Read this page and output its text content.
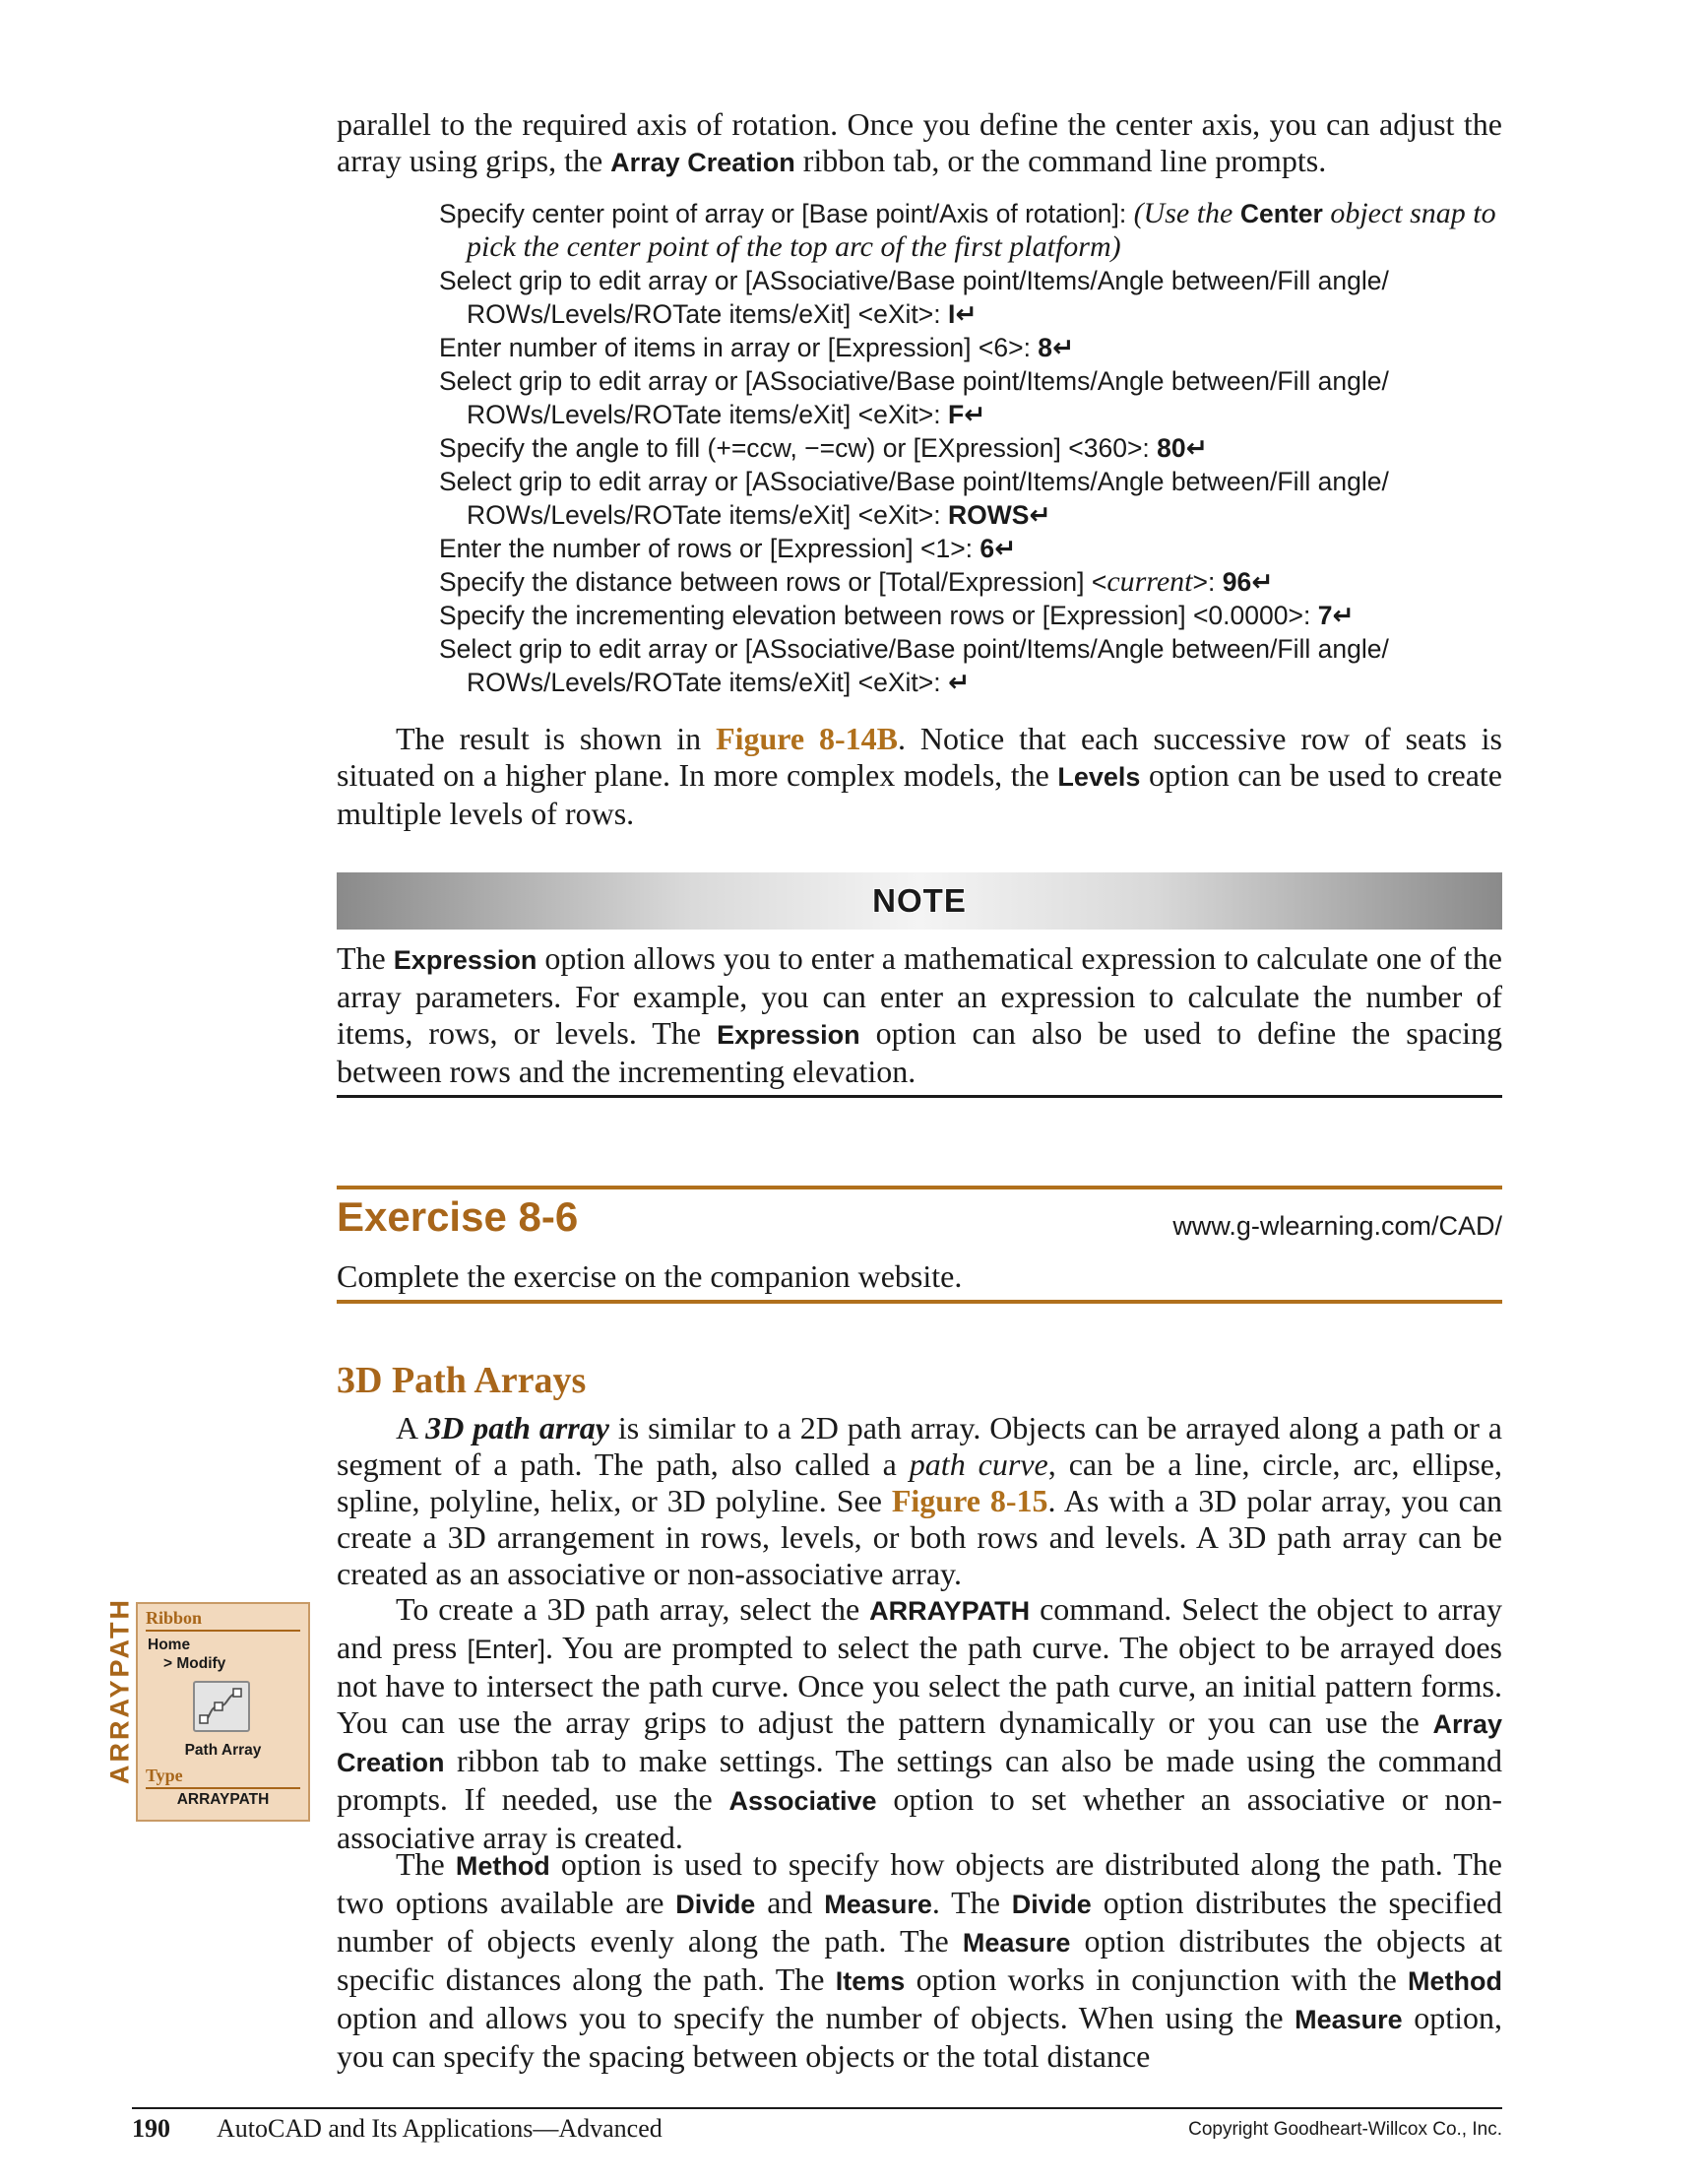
parallel to the required axis of rotation. Once you define the center axis, you can adjust the array using grips, the Array Creation ribbon tab, or the command line prompts.

Specify center point of array or [Base point/Axis of rotation]: (Use the Center object snap to pick the center point of the top arc of the first platform)
Select grip to edit array or [ASsociative/Base point/Items/Angle between/Fill angle/ ROWs/Levels/ROTate items/eXit] <eXit>: I↵
Enter number of items in array or [Expression] <6>: 8↵
Select grip to edit array or [ASsociative/Base point/Items/Angle between/Fill angle/ ROWs/Levels/ROTate items/eXit] <eXit>: F↵
Specify the angle to fill (+=ccw, −=cw) or [EXpression] <360>: 80↵
Select grip to edit array or [ASsociative/Base point/Items/Angle between/Fill angle/ ROWs/Levels/ROTate items/eXit] <eXit>: ROWS↵
Enter the number of rows or [Expression] <1>: 6↵
Specify the distance between rows or [Total/Expression] <current>: 96↵
Specify the incrementing elevation between rows or [Expression] <0.0000>: 7↵
Select grip to edit array or [ASsociative/Base point/Items/Angle between/Fill angle/ ROWs/Levels/ROTate items/eXit] <eXit>: ↵

The result is shown in Figure 8-14B. Notice that each successive row of seats is situated on a higher plane. In more complex models, the Levels option can be used to create multiple levels of rows.

NOTE

The Expression option allows you to enter a mathematical expression to calculate one of the array parameters. For example, you can enter an expression to calculate the number of items, rows, or levels. The Expression option can also be used to define the spacing between rows and the incrementing elevation.

Exercise 8-6	www.g-wlearning.com/CAD/
Complete the exercise on the companion website.
3D Path Arrays

A 3D path array is similar to a 2D path array. Objects can be arrayed along a path or a segment of a path. The path, also called a path curve, can be a line, circle, arc, ellipse, spline, polyline, helix, or 3D polyline. See Figure 8-15. As with a 3D polar array, you can create a 3D arrangement in rows, levels, or both rows and levels. A 3D path array can be created as an associative or non-associative array.

To create a 3D path array, select the ARRAYPATH command. Select the object to array and press [Enter]. You are prompted to select the path curve. The object to be arrayed does not have to intersect the path curve. Once you select the path curve, an initial pattern forms. You can use the array grips to adjust the pattern dynamically or you can use the Array Creation ribbon tab to make settings. The settings can also be made using the command prompts. If needed, use the Associative option to set whether an associative or non-associative array is created.

The Method option is used to specify how objects are distributed along the path. The two options available are Divide and Measure. The Divide option distributes the specified number of objects evenly along the path. The Measure option distributes the objects at specific distances along the path. The Items option works in conjunction with the Method option and allows you to specify the number of objects. When using the Measure option, you can specify the spacing between objects or the total distance

ARRAYPATH Ribbon
Home
> Modify
Path Array
Type
ARRAYPATH
190 AutoCAD and Its Applications—Advanced	Copyright Goodheart-Willcox Co., Inc.
